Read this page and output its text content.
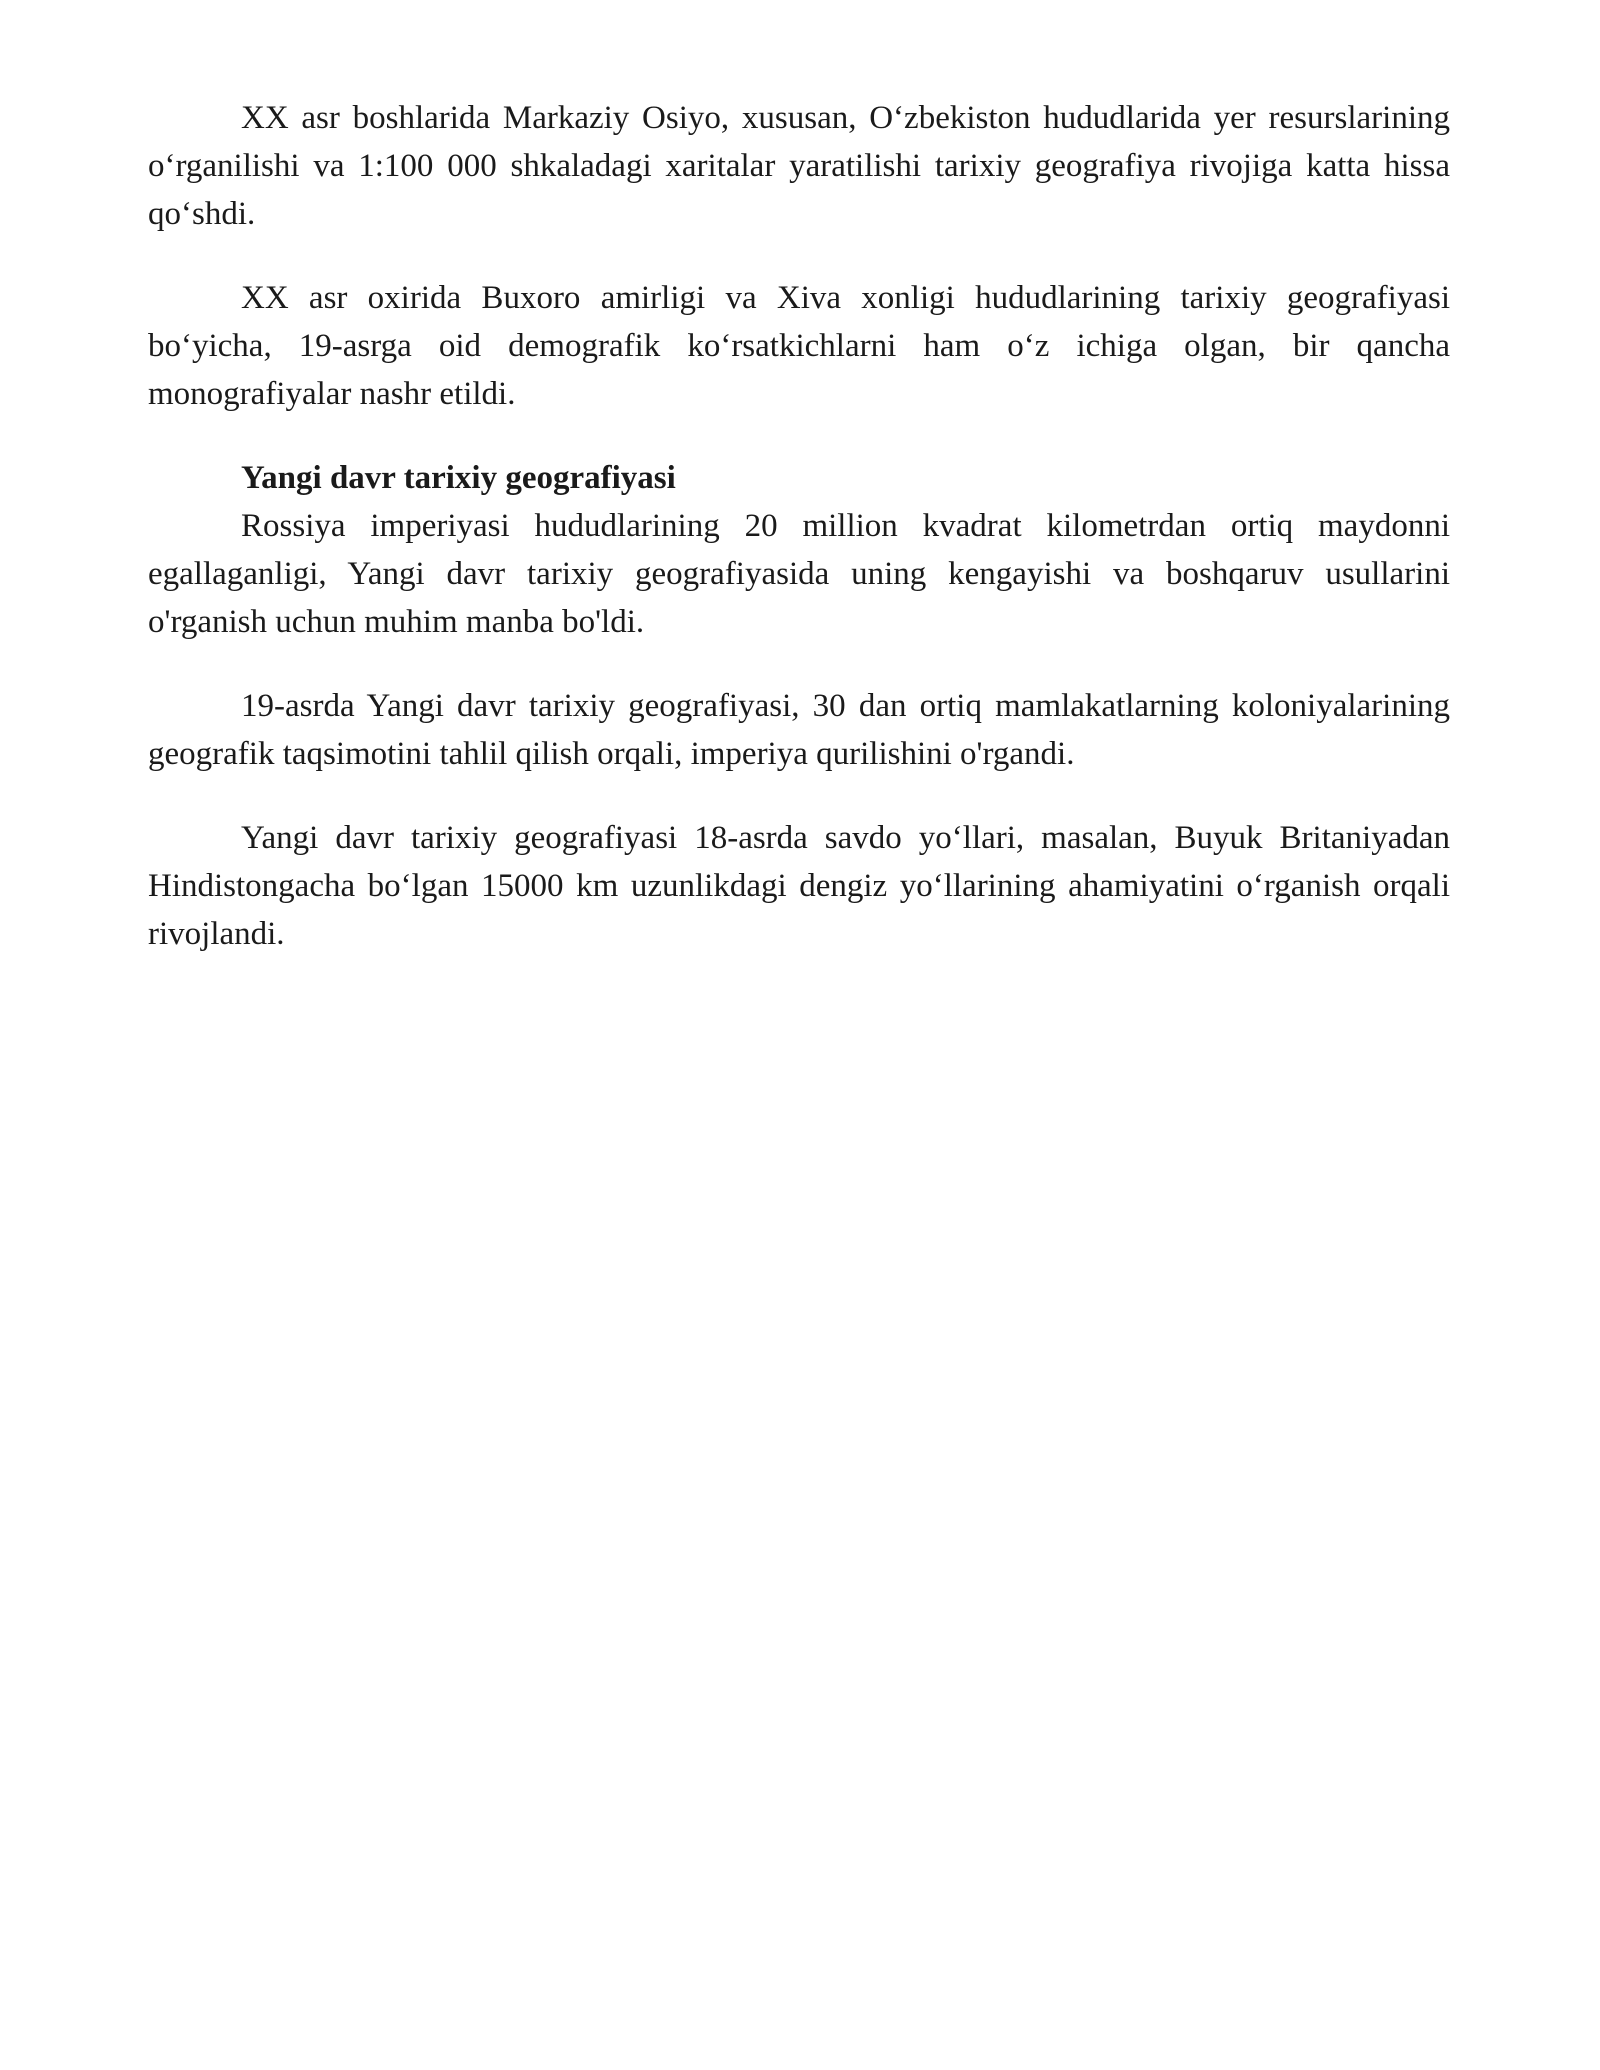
XX asr boshlarida Markaziy Osiyo, xususan, O‘zbekiston hududlarida yer resurslarining o‘rganilishi va 1:100 000 shkaladagi xaritalar yaratilishi tarixiy geografiya rivojiga katta hissa qo‘shdi.

XX asr oxirida Buxoro amirligi va Xiva xonligi hududlarining tarixiy geografiyasi bo‘yicha, 19-asrga oid demografik ko‘rsatkichlarni ham o‘z ichiga olgan, bir qancha monografiyalar nashr etildi.

Yangi davr tarixiy geografiyasi

Rossiya imperiyasi hududlarining 20 million kvadrat kilometrdan ortiq maydonni egallaganligi, Yangi davr tarixiy geografiyasida uning kengayishi va boshqaruv usullarini o'rganish uchun muhim manba bo'ldi.

19-asrda Yangi davr tarixiy geografiyasi, 30 dan ortiq mamlakatlarning koloniyalarining geografik taqsimotini tahlil qilish orqali, imperiya qurilishini o'rgandi.

Yangi davr tarixiy geografiyasi 18-asrda savdo yo‘llari, masalan, Buyuk Britaniyadan Hindistongacha bo‘lgan 15000 km uzunlikdagi dengiz yo‘llarining ahamiyatini o‘rganish orqali rivojlandi.
